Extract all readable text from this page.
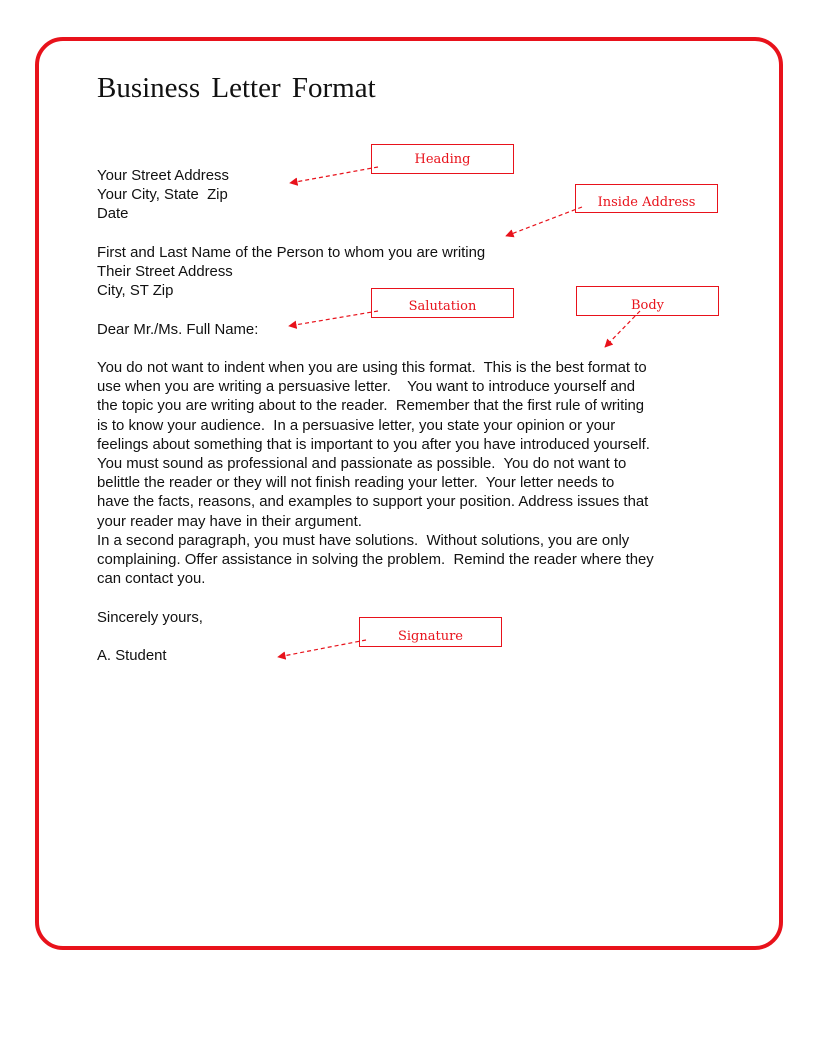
Business Letter Format
Your Street Address
Your City, State  Zip
Date
First and Last Name of the Person to whom you are writing
Their Street Address
City, ST Zip
Dear Mr./Ms. Full Name:
You do not want to indent when you are using this format.  This is the best format to
use when you are writing a persuasive letter.    You want to introduce yourself and
the topic you are writing about to the reader.  Remember that the first rule of writing
is to know your audience.  In a persuasive letter, you state your opinion or your
feelings about something that is important to you after you have introduced yourself.
You must sound as professional and passionate as possible.  You do not want to
belittle the reader or they will not finish reading your letter.  Your letter needs to
have the facts, reasons, and examples to support your position. Address issues that
your reader may have in their argument.
In a second paragraph, you must have solutions.  Without solutions, you are only
complaining. Offer assistance in solving the problem.  Remind the reader where they
can contact you.
Sincerely yours,
A. Student
Heading
Inside Address
Salutation	Body
Signature
